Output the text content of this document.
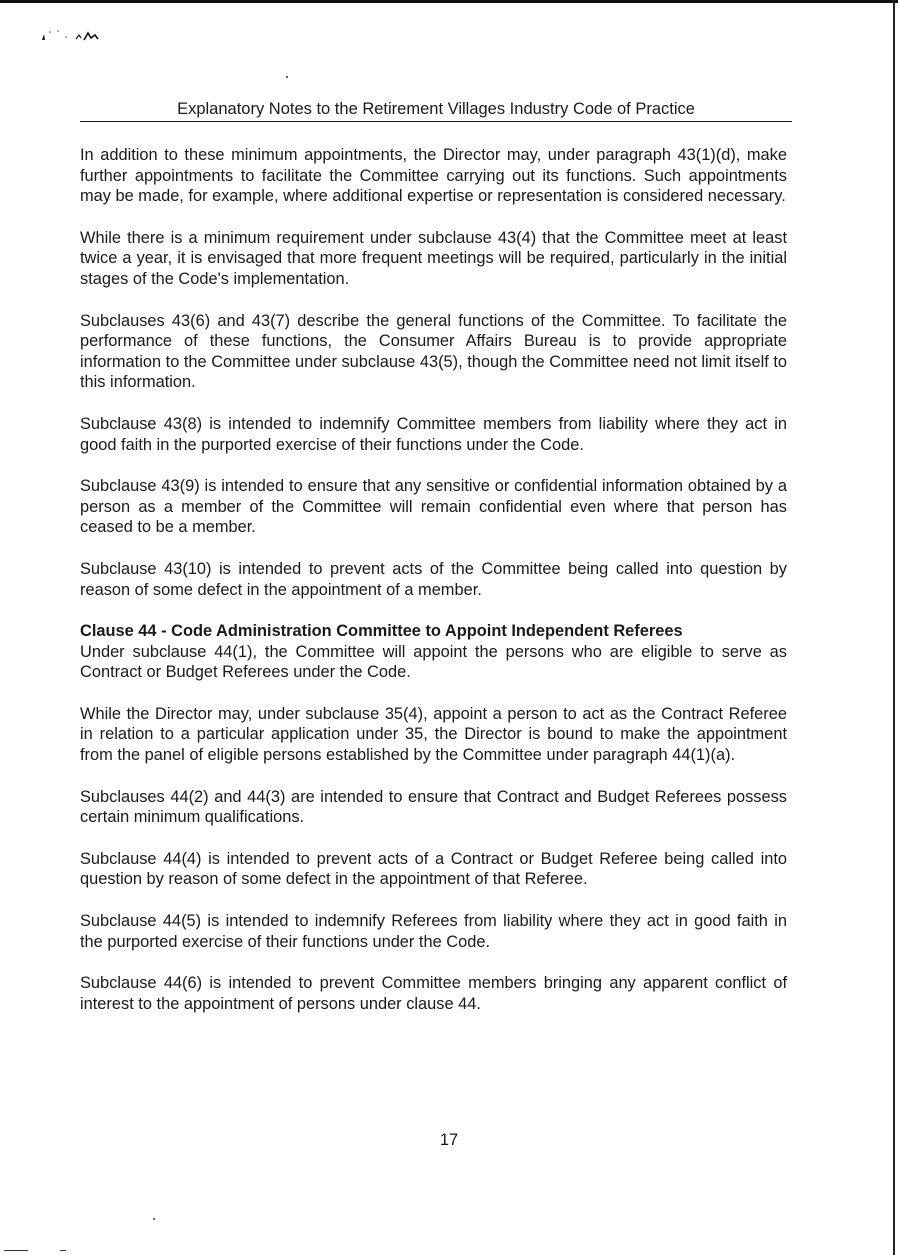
Explanatory Notes to the Retirement Villages Industry Code of Practice

In addition to these minimum appointments, the Director may, under paragraph 43(1)(d), make further appointments to facilitate the Committee carrying out its functions. Such appointments may be made, for example, where additional expertise or representation is considered necessary.

While there is a minimum requirement under subclause 43(4) that the Committee meet at least twice a year, it is envisaged that more frequent meetings will be required, particularly in the initial stages of the Code's implementation.

Subclauses 43(6) and 43(7) describe the general functions of the Committee. To facilitate the performance of these functions, the Consumer Affairs Bureau is to provide appropriate information to the Committee under subclause 43(5), though the Committee need not limit itself to this information.

Subclause 43(8) is intended to indemnify Committee members from liability where they act in good faith in the purported exercise of their functions under the Code.

Subclause 43(9) is intended to ensure that any sensitive or confidential information obtained by a person as a member of the Committee will remain confidential even where that person has ceased to be a member.

Subclause 43(10) is intended to prevent acts of the Committee being called into question by reason of some defect in the appointment of a member.

Clause 44 - Code Administration Committee to Appoint Independent Referees

Under subclause 44(1), the Committee will appoint the persons who are eligible to serve as Contract or Budget Referees under the Code.

While the Director may, under subclause 35(4), appoint a person to act as the Contract Referee in relation to a particular application under 35, the Director is bound to make the appointment from the panel of eligible persons established by the Committee under paragraph 44(1)(a).

Subclauses 44(2) and 44(3) are intended to ensure that Contract and Budget Referees possess certain minimum qualifications.

Subclause 44(4) is intended to prevent acts of a Contract or Budget Referee being called into question by reason of some defect in the appointment of that Referee.

Subclause 44(5) is intended to indemnify Referees from liability where they act in good faith in the purported exercise of their functions under the Code.

Subclause 44(6) is intended to prevent Committee members bringing any apparent conflict of interest to the appointment of persons under clause 44.

17
